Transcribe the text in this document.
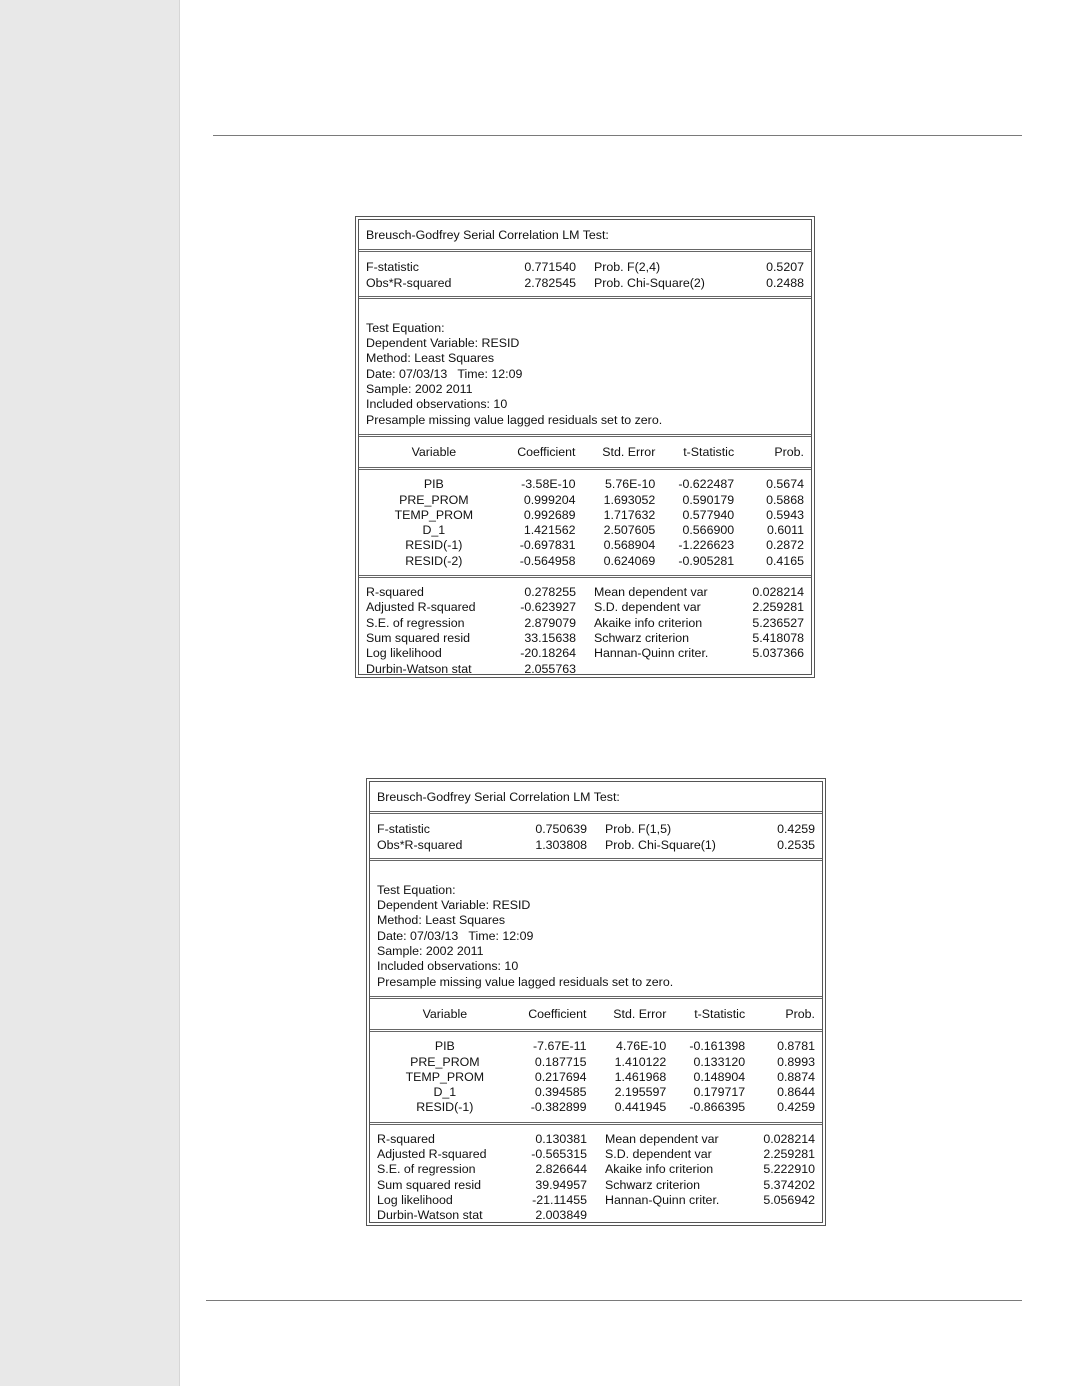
Breusch-Godfrey Serial Correlation LM Test:
F-statistic	0.771540	Prob. F(2,4)	0.5207
Obs*R-squared	2.782545	Prob. Chi-Square(2)	0.2488
Test Equation:
Dependent Variable: RESID
Method: Least Squares
Date: 07/03/13   Time: 12:09
Sample: 2002 2011
Included observations: 10
Presample missing value lagged residuals set to zero.
Variable	Coefficient	Std. Error	t-Statistic	Prob.
PIB	-3.58E-10	5.76E-10	-0.622487	0.5674
PRE_PROM	0.999204	1.693052	0.590179	0.5868
TEMP_PROM	0.992689	1.717632	0.577940	0.5943
D_1	1.421562	2.507605	0.566900	0.6011
RESID(-1)	-0.697831	0.568904	-1.226623	0.2872
RESID(-2)	-0.564958	0.624069	-0.905281	0.4165
R-squared	0.278255	Mean dependent var	0.028214
Adjusted R-squared	-0.623927	S.D. dependent var	2.259281
S.E. of regression	2.879079	Akaike info criterion	5.236527
Sum squared resid	33.15638	Schwarz criterion	5.418078
Log likelihood	-20.18264	Hannan-Quinn criter.	5.037366
Durbin-Watson stat	2.055763
Breusch-Godfrey Serial Correlation LM Test:
F-statistic	0.750639	Prob. F(1,5)	0.4259
Obs*R-squared	1.303808	Prob. Chi-Square(1)	0.2535
Test Equation:
Dependent Variable: RESID
Method: Least Squares
Date: 07/03/13   Time: 12:09
Sample: 2002 2011
Included observations: 10
Presample missing value lagged residuals set to zero.
Variable	Coefficient	Std. Error	t-Statistic	Prob.
PIB	-7.67E-11	4.76E-10	-0.161398	0.8781
PRE_PROM	0.187715	1.410122	0.133120	0.8993
TEMP_PROM	0.217694	1.461968	0.148904	0.8874
D_1	0.394585	2.195597	0.179717	0.8644
RESID(-1)	-0.382899	0.441945	-0.866395	0.4259
R-squared	0.130381	Mean dependent var	0.028214
Adjusted R-squared	-0.565315	S.D. dependent var	2.259281
S.E. of regression	2.826644	Akaike info criterion	5.222910
Sum squared resid	39.94957	Schwarz criterion	5.374202
Log likelihood	-21.11455	Hannan-Quinn criter.	5.056942
Durbin-Watson stat	2.003849
